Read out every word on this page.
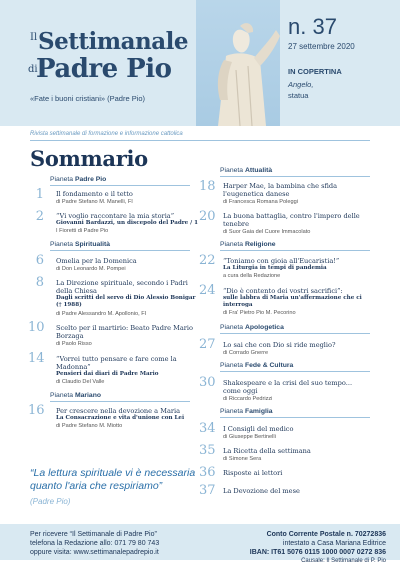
Il Settimanale
di
Padre Pio
«Fate i buoni cristiani» (Padre Pio)
n. 37
27 settembre 2020
IN COPERTINA
Angelo,
statua
Rivista settimanale di formazione e informazione cattolica
Sommario
Pianeta Padre Pio
1 Il fondamento e il tetto
di Padre Stefano M. Manelli, FI
2 “Vi voglio raccontare la mia storia”
Giovanni Bardazzi, un discepolo del Padre / 1
I Fioretti di Padre Pio
Pianeta Spiritualità
6 Omelia per la Domenica
di Don Leonardo M. Pompei
8 La Direzione spirituale, secondo i Padri della Chiesa
Dagli scritti del servo di Dio Alessio Bonigar († 1988)
di Padre Alessandro M. Apollonio, FI
10 Scelto per il martirio: Beato Padre Mario Borzaga
di Paolo Risso
14 “Vorrei tutto pensare e fare come la Madonna”
Pensieri dai diari di Padre Mario
di Claudio Del Valle
Pianeta Mariano
16 Per crescere nella devozione a Maria
La Consacrazione e vita d'unione con Lei
di Padre Stefano M. Miotto
Pianeta Attualità
18 Harper Mae, la bambina che sfida l'eugenetica danese
di Francesca Romana Poleggi
20 La buona battaglia, contro l'impero delle tenebre
di Suor Gaia del Cuore Immacolato
Pianeta Religione
22 “Toniamo con gioia all'Eucaristia!”
La Liturgia in tempi di pandemia
a cura della Redazione
24 “Dio è contento dei vostri sacrifici”:
sulle labbra di Maria un'affermazione che ci interroga
di Fra' Pietro Pio M. Pecorino
Pianeta Apologetica
27 Lo sai che con Dio si ride meglio?
di Corrado Gnerre
Pianeta Fede & Cultura
30 Shakespeare e la crisi del suo tempo... come oggi
di Riccardo Pedrizzi
Pianeta Famiglia
34 I Consigli del medico
di Giuseppe Bertinelli
35 La Ricetta della settimana
di Simone Sera
36 Risposte ai lettori
37 La Devozione del mese
“La lettura spirituale vi è necessaria
quanto l'aria che respiriamo”
(Padre Pio)
Per ricevere “Il Settimanale di Padre Pio”
telefona la Redazione allo: 071 79 80 743
oppure visita: www.settimanalepadrepio.it
Conto Corrente Postale n. 70272836
intestato a Casa Mariana Editrice
IBAN: IT61 5076 0115 1000 0007 0272 836
Causale: Il Settimanale di P. Pio
